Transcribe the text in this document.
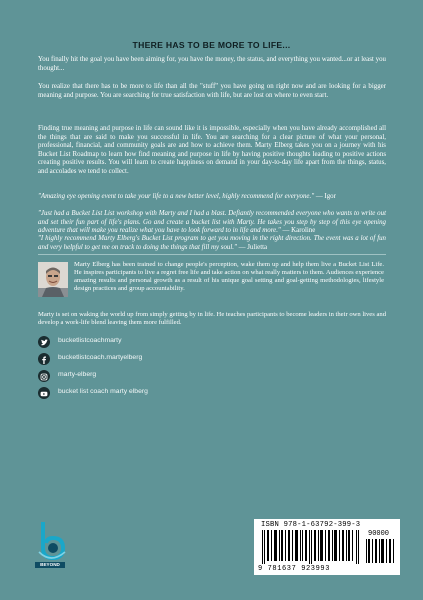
THERE HAS TO BE MORE TO LIFE...

You finally hit the goal you have been aiming for, you have the money, the status, and everything you wanted...or at least you thought...

You realize that there has to be more to life than all the "stuff" you have going on right now and are looking for a bigger meaning and purpose. You are searching for true satisfaction with life, but are lost on where to even start.

Finding true meaning and purpose in life can sound like it is impossible, especially when you have already accomplished all the things that are said to make you successful in life. You are searching for a clear picture of what your personal, professional, financial, and community goals are and how to achieve them. Marty Elberg takes you on a journey with his Bucket List Roadmap to learn how find meaning and purpose in life by having positive thoughts leading to positive actions creating positive results. You will learn to create happiness on demand in your day-to-day life apart from the things, status, and accolades we tend to collect.

"Amazing eye opening event to take your life to a new better level, highly recommend for everyone." — Igor

"Just had a Bucket List List workshop with Marty and I had a blast. Defiantly recommended everyone who wants to write out and set their fun part of life's plans. Go and create a bucket list with Marty. He takes you step by step of this eye opening adventure that will make you realize what you have to look forward to in life and more." — Karoline

"I highly recommend Marty Elberg's Bucket List program to get you moving in the right direction. The event was a lot of fun and very helpful to get me on track to doing the things that fill my soul." — Julietta

Marty Elberg has been trained to change people's perception, wake them up and help them live a Bucket List Life. He inspires participants to live a regret free life and take action on what really matters to them. Audiences experience amazing results and personal growth as a result of his unique goal setting and goal-getting methodologies, lifestyle design practices and group accountability.

Marty is set on waking the world up from simply getting by in life. He teaches participants to become leaders in their own lives and develop a work-life blend leaving them more fulfilled.

bucketlistcoachmarty
bucketlistcoach.martyelberg
marty-elberg
bucket list coach marty elberg
BEYOND
ISBN 978-1-63792-399-3
90000
9 781637 923993
